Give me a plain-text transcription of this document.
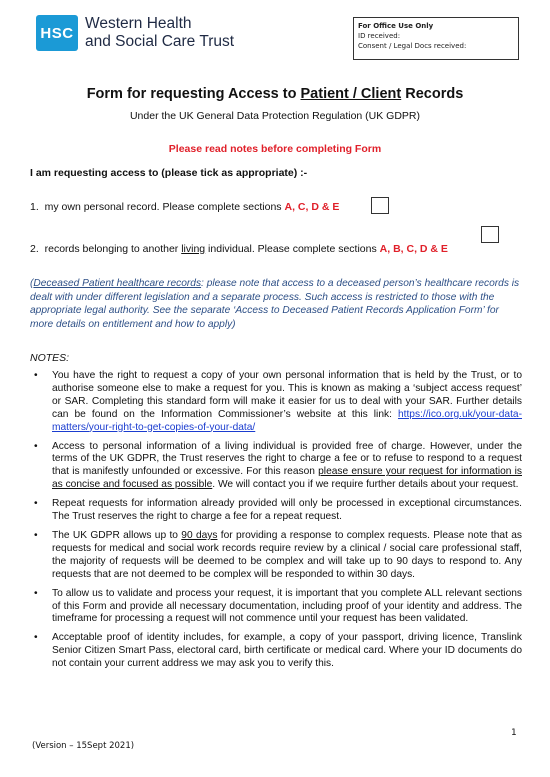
HSC
Western Health
and Social Care Trust
For Office Use Only
ID received:
Consent / Legal Docs received:
Form for requesting Access to Patient / Client Records
Under the UK General Data Protection Regulation (UK GDPR)
Please read notes before completing Form
I am requesting access to (please tick as appropriate) :-
1. my own personal record. Please complete sections A, C, D & E
2. records belonging to another living individual. Please complete sections A, B, C, D & E
(Deceased Patient healthcare records: please note that access to a deceased person’s healthcare records is dealt with under different legislation and a separate process. Such access is restricted to those with the appropriate legal authority. See the separate ‘Access to Deceased Patient Records Application Form’ for more details on entitlement and how to apply)
NOTES:
• You have the right to request a copy of your own personal information that is held by the Trust, or to authorise someone else to make a request for you. This is known as making a ‘subject access request’ or SAR. Completing this standard form will make it easier for us to deal with your SAR. Further details can be found on the Information Commissioner’s website at this link: https://ico.org.uk/your-data-matters/your-right-to-get-copies-of-your-data/
• Access to personal information of a living individual is provided free of charge. However, under the terms of the UK GDPR, the Trust reserves the right to charge a fee or to refuse to respond to a request that is manifestly unfounded or excessive. For this reason please ensure your request for information is as concise and focused as possible. We will contact you if we require further details about your request.
• Repeat requests for information already provided will only be processed in exceptional circumstances. The Trust reserves the right to charge a fee for a repeat request.
• The UK GDPR allows up to 90 days for providing a response to complex requests. Please note that as requests for medical and social work records require review by a clinical / social care professional staff, the majority of requests will be deemed to be complex and will take up to 90 days to respond to. Any requests that are not deemed to be complex will be responded to within 30 days.
• To allow us to validate and process your request, it is important that you complete ALL relevant sections of this Form and provide all necessary documentation, including proof of your identity and address. The timeframe for processing a request will not commence until your request has been validated.
• Acceptable proof of identity includes, for example, a copy of your passport, driving licence, Translink Senior Citizen Smart Pass, electoral card, birth certificate or medical card. Where your ID documents do not contain your current address we may ask you to verify this.
1
(Version – 15Sept 2021)
